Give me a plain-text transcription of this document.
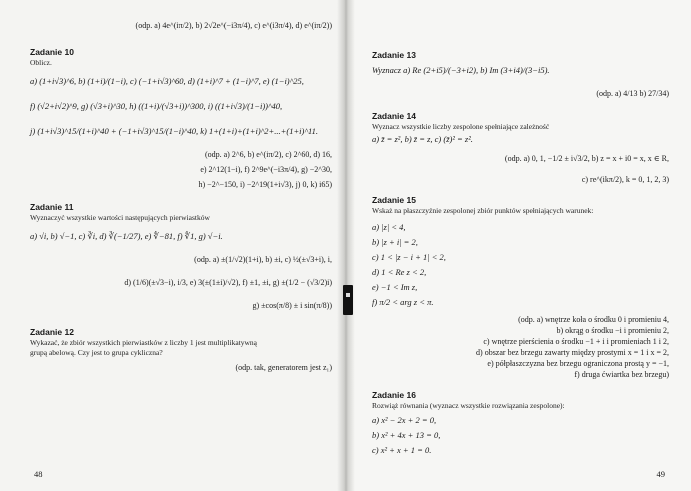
(odp. a) 4e^(iπ/2), b) 2√2e^(−i3π/4), c) e^(i3π/4), d) e^(iπ/2))
Zadanie 10
Oblicz.
a) (1+i√3)^6, b) (1+i)/(1−i), c) (−1+i√3)^60, d) (1+i)^7 + (1−i)^7, e) (1−i)^25,
f) (√2+i√2)^9, g) (√3+i)^30, h) ((1+i)/(√3+i))^300, i) ((1+i√3)/(1−i))^40,
j) (1+i√3)^15/(1+i)^40 + (−1+i√3)^15/(1−i)^40, k) 1+(1+i)+(1+i)^2+...+(1+i)^11.
(odp. a) 2^6, b) e^(iπ/2), c) 2^60, d) 16,
e) 2^12(1−i), f) 2^9e^(−i3π/4), g) −2^30,
h) −2^−150, i) −2^19(1+i√3), j) 0, k) i65)
Zadanie 11
Wyznaczyć wszystkie wartości następujących pierwiastków
a) √i, b) √−1, c) ∛i, d) ∛(−1/27), e) ∜−81, f) ∜1, g) √−i.
(odp. a) ±(1/√2)(1+i), b) ±i, c) ½(±√3+i), i,
d) (1/6)(±√3−i), i/3, e) 3(±(1±i)/√2), f) ±1, ±i, g) ±(1/2 − (√3/2)i)
g) ±cos(π/8) ± i sin(π/8))
Zadanie 12
Wykazać, że zbiór wszystkich pierwiastków z liczby 1 jest multiplikatywną
grupą abelową. Czy jest to grupa cykliczna?
(odp. tak, generatorem jest z₁)
48
Zadanie 13
Wyznacz a) Re (2+i5)/(−3+i2), b) Im (3+i4)/(3−i5).
(odp. a) 4/13 b) 27/34)
Zadanie 14
Wyznacz wszystkie liczby zespolone spełniające zależność
a) z̄ = z², b) z̄ = z, c) (z̄)² = z².
(odp. a) 0, 1, −1/2 ± i√3/2, b) z = x + i0 = x, x ∈ R,
c) re^(ikπ/2), k = 0, 1, 2, 3)
Zadanie 15
Wskaż na płaszczyźnie zespolonej zbiór punktów spełniających warunek:
a) |z| < 4,
b) |z + i| = 2,
c) 1 < |z − i + 1| < 2,
d) 1 < Re z < 2,
e) −1 < Im z,
f) π/2 < arg z < π.
(odp. a) wnętrze koła o środku 0 i promieniu 4,
b) okrąg o środku −i i promieniu 2,
c) wnętrze pierścienia o środku −1 + i i promieniach 1 i 2,
d) obszar bez brzegu zawarty między prostymi x = 1 i x = 2,
e) półpłaszczyzna bez brzegu ograniczona prostą y = −1,
f) druga ćwiartka bez brzegu)
Zadanie 16
Rozwiąż równania (wyznacz wszystkie rozwiązania zespolone):
a) x² − 2x + 2 = 0,
b) x² + 4x + 13 = 0,
c) x² + x + 1 = 0.
49
